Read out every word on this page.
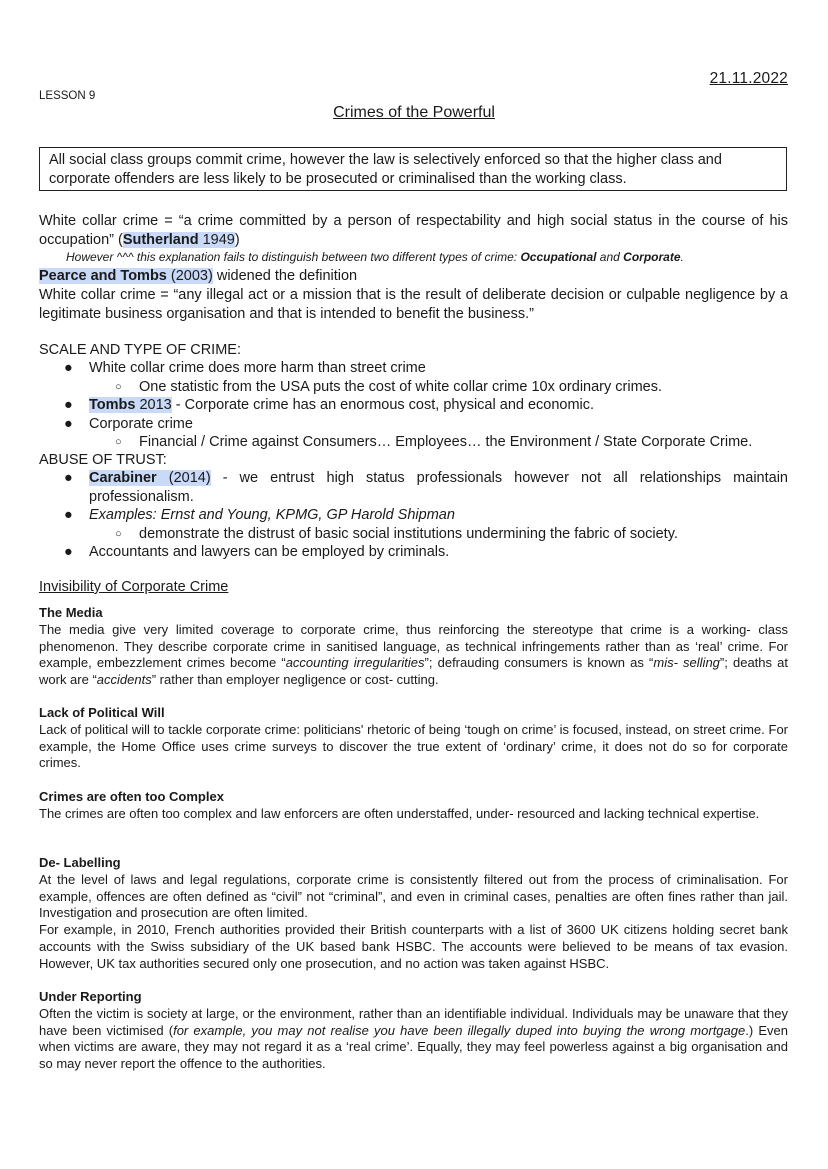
21.11.2022
LESSON 9
Crimes of the Powerful
All social class groups commit crime, however the law is selectively enforced so that the higher class and corporate offenders are less likely to be prosecuted or criminalised than the working class.
White collar crime = “a crime committed by a person of respectability and high social status in the course of his occupation” (Sutherland 1949)
However ^^^ this explanation fails to distinguish between two different types of crime: Occupational and Corporate.
Pearce and Tombs (2003) widened the definition
White collar crime = “any illegal act or a mission that is the result of deliberate decision or culpable negligence by a legitimate business organisation and that is intended to benefit the business.”
SCALE AND TYPE OF CRIME:
● White collar crime does more harm than street crime
○ One statistic from the USA puts the cost of white collar crime 10x ordinary crimes.
● Tombs 2013 - Corporate crime has an enormous cost, physical and economic.
● Corporate crime
○ Financial / Crime against Consumers… Employees… the Environment / State Corporate Crime.
ABUSE OF TRUST:
● Carabiner (2014) - we entrust high status professionals however not all relationships maintain professionalism.
● Examples: Ernst and Young, KPMG, GP Harold Shipman
○ demonstrate the distrust of basic social institutions undermining the fabric of society.
● Accountants and lawyers can be employed by criminals.
Invisibility of Corporate Crime
The Media
The media give very limited coverage to corporate crime, thus reinforcing the stereotype that crime is a working- class phenomenon. They describe corporate crime in sanitised language, as technical infringements rather than as ‘real’ crime. For example, embezzlement crimes become “accounting irregularities”; defrauding consumers is known as “mis- selling”; deaths at work are “accidents” rather than employer negligence or cost- cutting.
Lack of Political Will
Lack of political will to tackle corporate crime: politicians' rhetoric of being ‘tough on crime’ is focused, instead, on street crime. For example, the Home Office uses crime surveys to discover the true extent of ‘ordinary’ crime, it does not do so for corporate crimes.
Crimes are often too Complex
The crimes are often too complex and law enforcers are often understaffed, under- resourced and lacking technical expertise.
De- Labelling
At the level of laws and legal regulations, corporate crime is consistently filtered out from the process of criminalisation. For example, offences are often defined as “civil” not “criminal”, and even in criminal cases, penalties are often fines rather than jail. Investigation and prosecution are often limited.
For example, in 2010, French authorities provided their British counterparts with a list of 3600 UK citizens holding secret bank accounts with the Swiss subsidiary of the UK based bank HSBC. The accounts were believed to be means of tax evasion. However, UK tax authorities secured only one prosecution, and no action was taken against HSBC.
Under Reporting
Often the victim is society at large, or the environment, rather than an identifiable individual. Individuals may be unaware that they have been victimised (for example, you may not realise you have been illegally duped into buying the wrong mortgage.) Even when victims are aware, they may not regard it as a ‘real crime’. Equally, they may feel powerless against a big organisation and so may never report the offence to the authorities.
